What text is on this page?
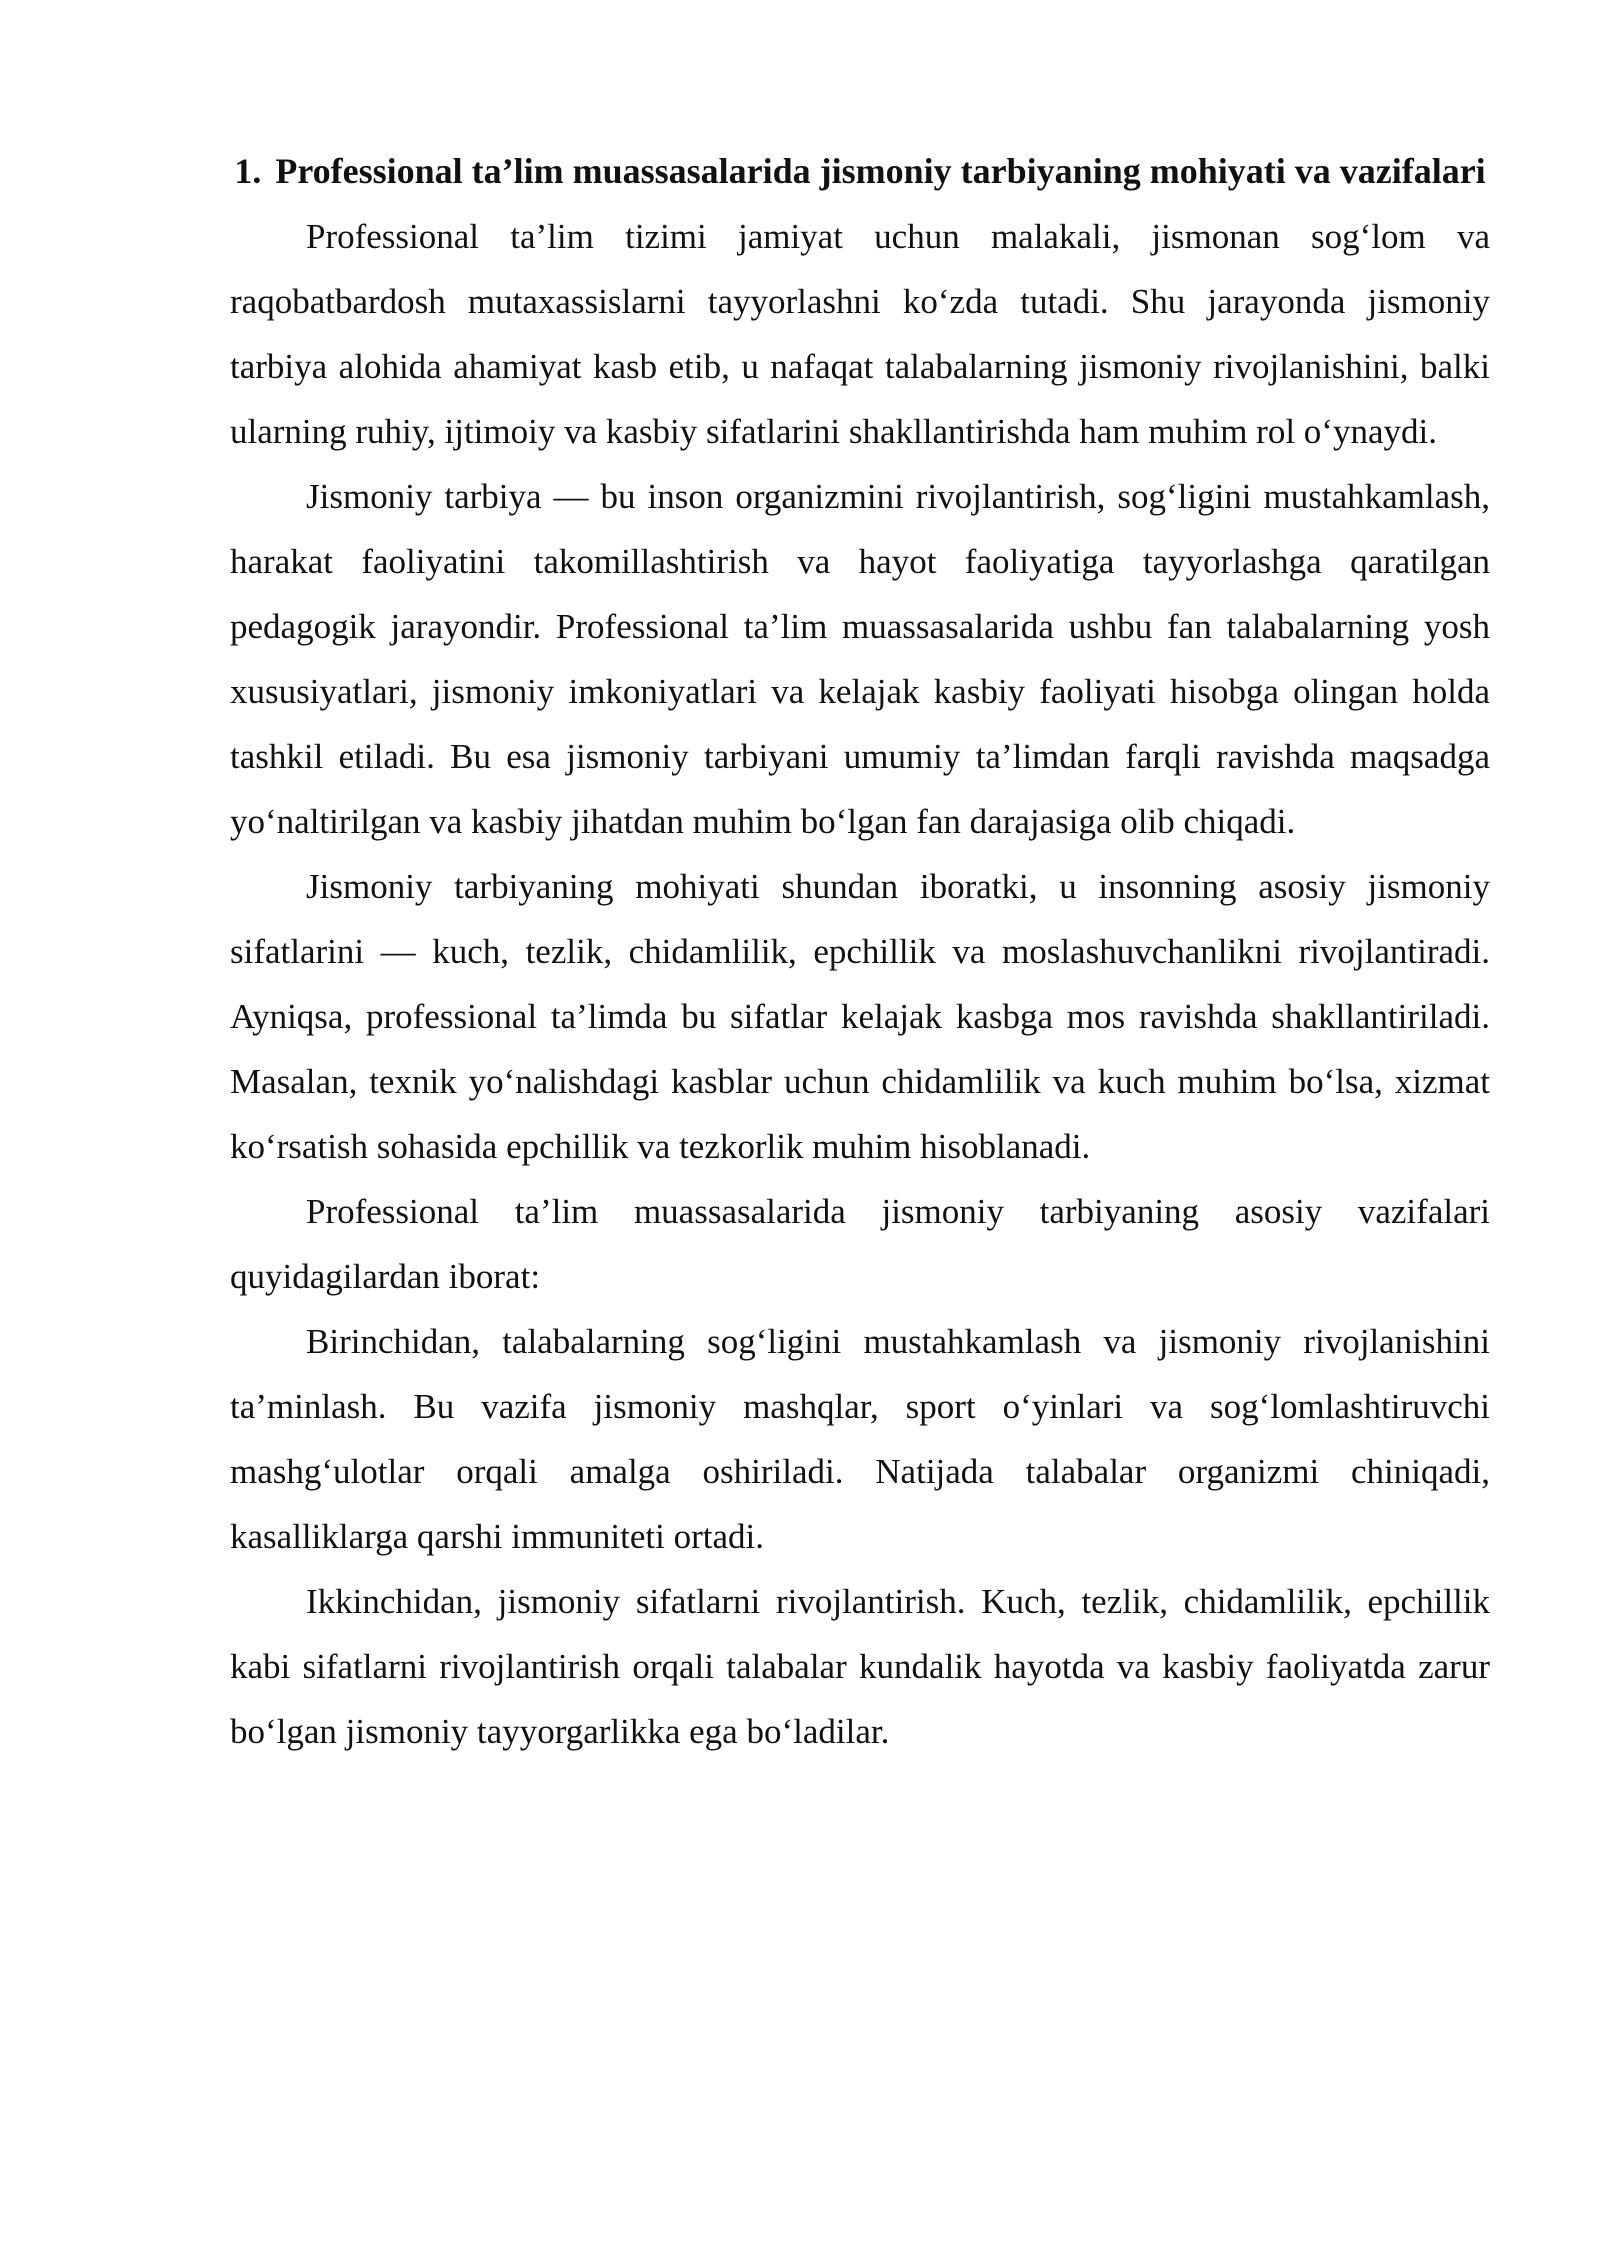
1. Professional ta’lim muassasalarida jismoniy tarbiyaning mohiyati va vazifalari

Professional ta’lim tizimi jamiyat uchun malakali, jismonan sog‘lom va raqobatbardosh mutaxassislarni tayyorlashni ko‘zda tutadi. Shu jarayonda jismoniy tarbiya alohida ahamiyat kasb etib, u nafaqat talabalarning jismoniy rivojlanishini, balki ularning ruhiy, ijtimoiy va kasbiy sifatlarini shakllantirishda ham muhim rol o‘ynaydi.

Jismoniy tarbiya — bu inson organizmini rivojlantirish, sog‘ligini mustahkamlash, harakat faoliyatini takomillashtirish va hayot faoliyatiga tayyorlashga qaratilgan pedagogik jarayondir. Professional ta’lim muassasalarida ushbu fan talabalarning yosh xususiyatlari, jismoniy imkoniyatlari va kelajak kasbiy faoliyati hisobga olingan holda tashkil etiladi. Bu esa jismoniy tarbiyani umumiy ta’limdan farqli ravishda maqsadga yo‘naltirilgan va kasbiy jihatdan muhim bo‘lgan fan darajasiga olib chiqadi.

Jismoniy tarbiyaning mohiyati shundan iboratki, u insonning asosiy jismoniy sifatlarini — kuch, tezlik, chidamlilik, epchillik va moslashuvchanlikni rivojlantiradi. Ayniqsa, professional ta’limda bu sifatlar kelajak kasbga mos ravishda shakllantiriladi. Masalan, texnik yo‘nalishdagi kasblar uchun chidamlilik va kuch muhim bo‘lsa, xizmat ko‘rsatish sohasida epchillik va tezkorlik muhim hisoblanadi.

Professional ta’lim muassasalarida jismoniy tarbiyaning asosiy vazifalari quyidagilardan iborat:

Birinchidan, talabalarning sog‘ligini mustahkamlash va jismoniy rivojlanishini ta’minlash. Bu vazifa jismoniy mashqlar, sport o‘yinlari va sog‘lomlashtiruvchi mashg‘ulotlar orqali amalga oshiriladi. Natijada talabalar organizmi chiniqadi, kasalliklarga qarshi immuniteti ortadi.

Ikkinchidan, jismoniy sifatlarni rivojlantirish. Kuch, tezlik, chidamlilik, epchillik kabi sifatlarni rivojlantirish orqali talabalar kundalik hayotda va kasbiy faoliyatda zarur bo‘lgan jismoniy tayyorgarlikka ega bo‘ladilar.
